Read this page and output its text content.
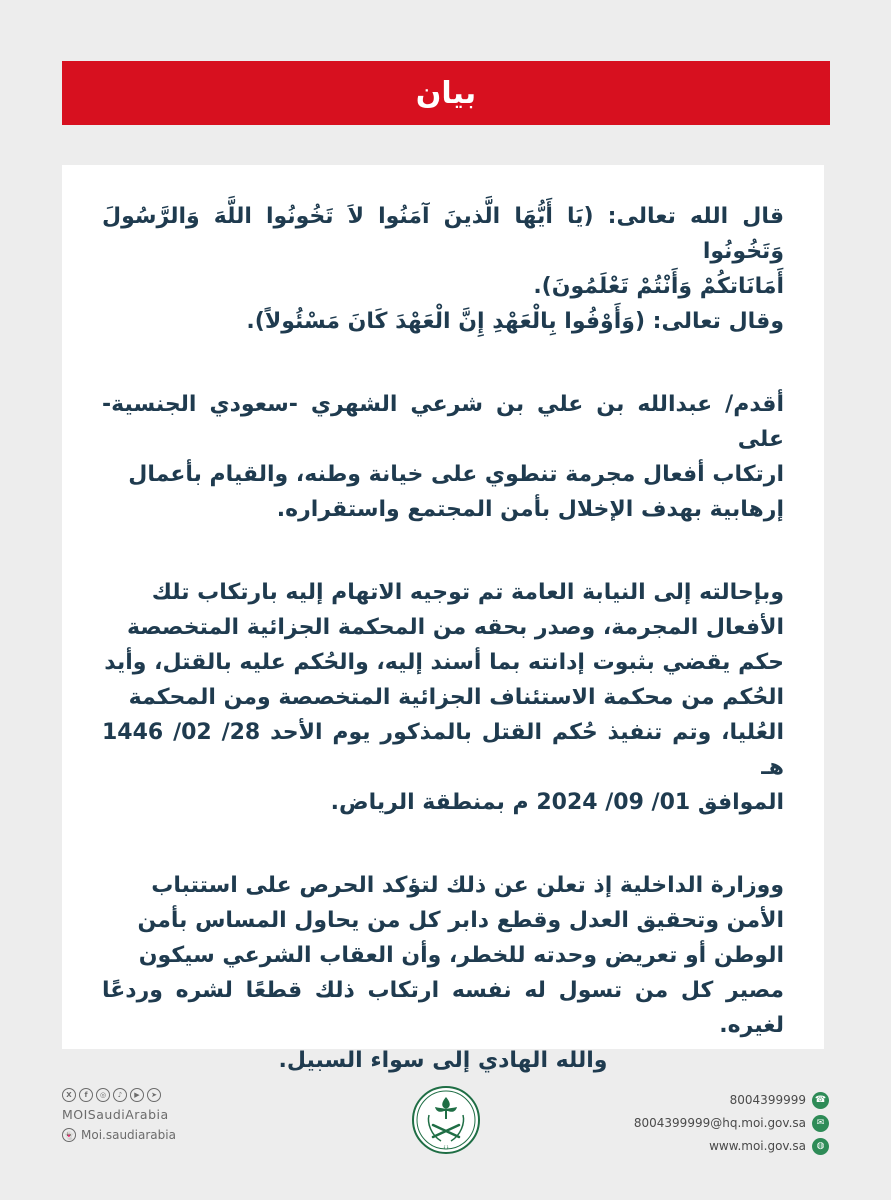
بيان

قال الله تعالى: (يَا أَيُّهَا الَّذينَ آمَنُوا لاَ تَخُونُوا اللَّهَ وَالرَّسُولَ وَتَخُونُوا
أَمَانَاتكُمْ وَأَنْتُمْ تَعْلَمُونَ).
وقال تعالى: (وَأَوْفُوا بِالْعَهْدِ إِنَّ الْعَهْدَ كَانَ مَسْئُولاً).

أقدم/ عبدالله بن علي بن شرعي الشهري -سعودي الجنسية- على
ارتكاب أفعال مجرمة تنطوي على خيانة وطنه، والقيام بأعمال
إرهابية بهدف الإخلال بأمن المجتمع واستقراره.

وبإحالته إلى النيابة العامة تم توجيه الاتهام إليه بارتكاب تلك
الأفعال المجرمة، وصدر بحقه من المحكمة الجزائية المتخصصة
حكم يقضي بثبوت إدانته بما أسند إليه، والحُكم عليه بالقتل، وأيد
الحُكم من محكمة الاستئناف الجزائية المتخصصة ومن المحكمة
العُليا، وتم تنفيذ حُكم القتل بالمذكور يوم الأحد 28/ 02/ 1446 هـ
الموافق 01/ 09/ 2024 م بمنطقة الرياض.

ووزارة الداخلية إذ تعلن عن ذلك لتؤكد الحرص على استتباب
الأمن وتحقيق العدل وقطع دابر كل من يحاول المساس بأمن
الوطن أو تعريض وحدته للخطر، وأن العقاب الشرعي سيكون
مصير كل من تسول له نفسه ارتكاب ذلك قطعًا لشره وردعًا لغيره.
والله الهادي إلى سواء السبيل.

X	f	◎	♪	▶	➤
MOISaudiArabia
👻 Moi.saudiarabia
﴾﴿
8004399999 ☎
8004399999@hq.moi.gov.sa	✉
www.moi.gov.sa	◍
